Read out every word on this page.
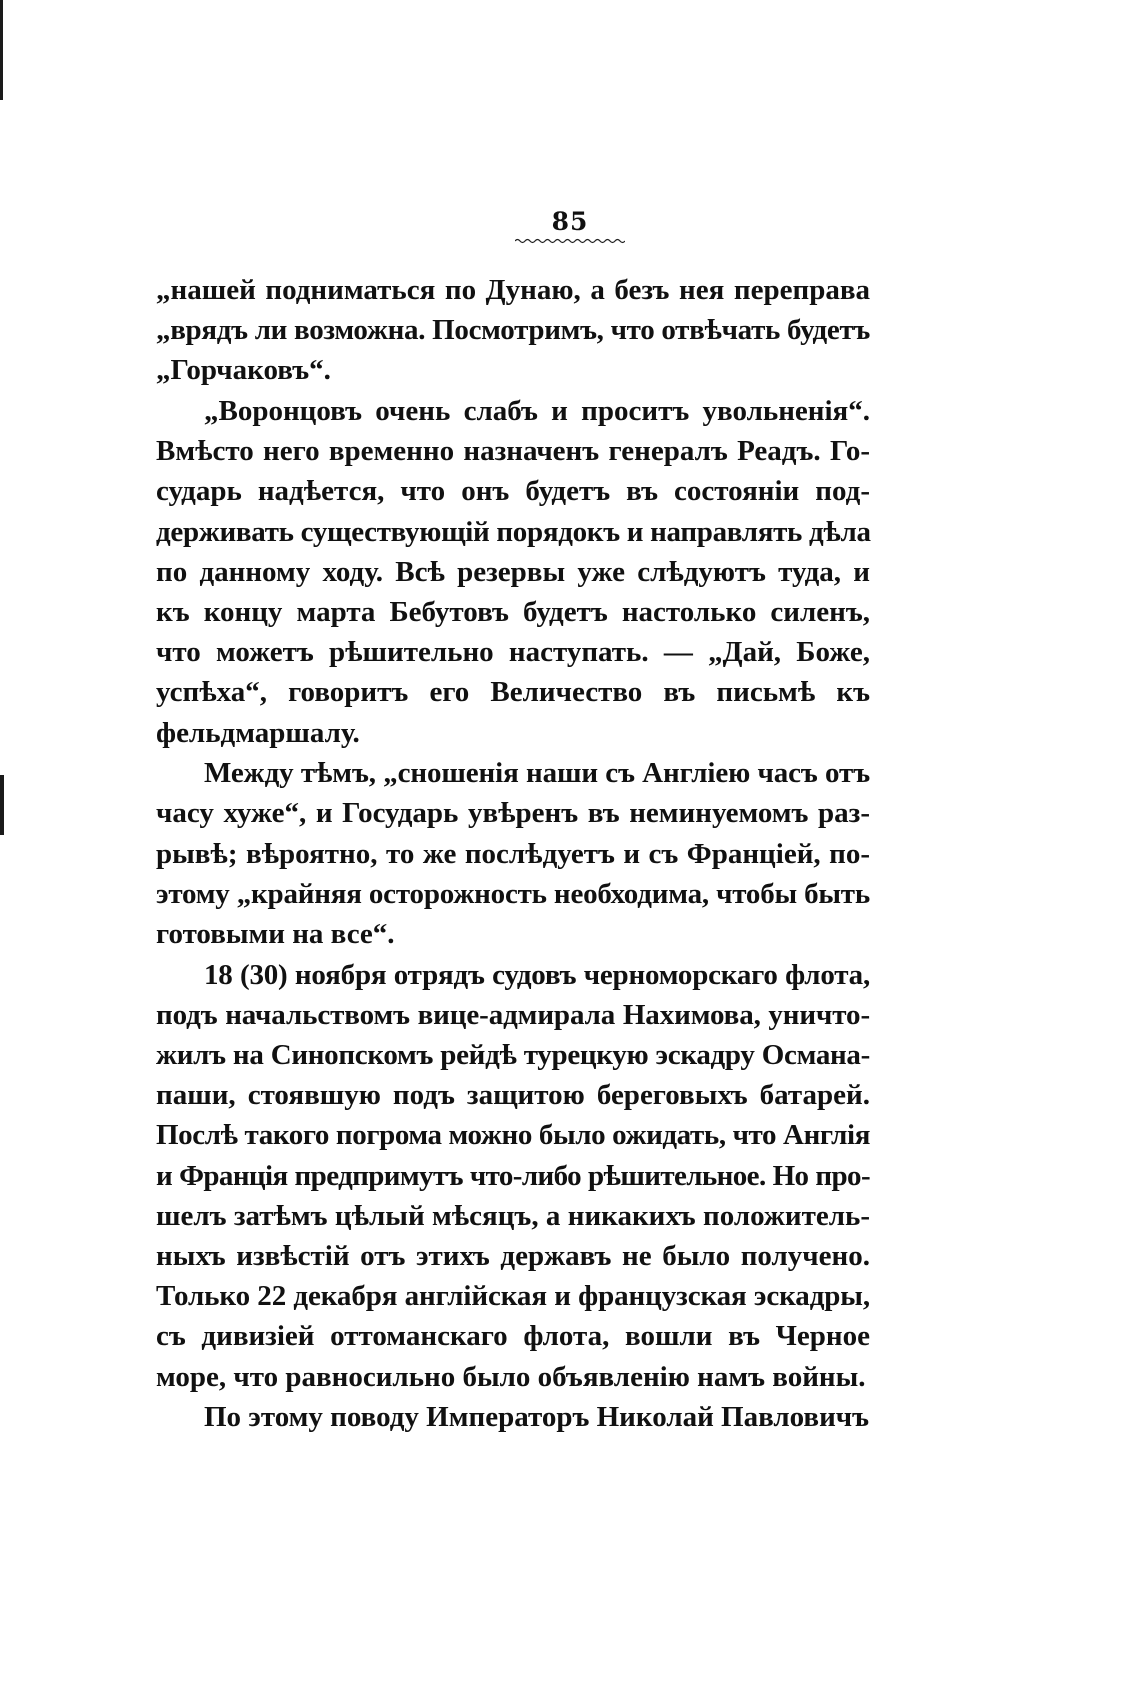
85
„нашей подниматься по Дунаю, а безъ нея переправа
„врядъ ли возможна. Посмотримъ, что отвѣчать будетъ
„Горчаковъ“.
„Воронцовъ очень слабъ и проситъ увольненія“.
Вмѣсто него временно назначенъ генералъ Реадъ. Го-
сударь надѣется, что онъ будетъ въ состояніи под-
держивать существующій порядокъ и направлять дѣла
по данному ходу. Всѣ резервы уже слѣдуютъ туда, и
къ концу марта Бебутовъ будетъ настолько силенъ,
что можетъ рѣшительно наступать. — „Дай, Боже,
успѣха“, говоритъ его Величество въ письмѣ къ
фельдмаршалу.
Между тѣмъ, „сношенія наши съ Англіею часъ отъ
часу хуже“, и Государь увѣренъ въ неминуемомъ раз-
рывѣ; вѣроятно, то же послѣдуетъ и съ Франціей, по-
этому „крайняя осторожность необходима, чтобы быть
готовыми на все“.
18 (30) ноября отрядъ судовъ черноморскаго флота,
подъ начальствомъ вице-адмирала Нахимова, уничто-
жилъ на Синопскомъ рейдѣ турецкую эскадру Османа-
паши, стоявшую подъ защитою береговыхъ батарей.
Послѣ такого погрома можно было ожидать, что Англія
и Франція предпримутъ что-либо рѣшительное. Но про-
шелъ затѣмъ цѣлый мѣсяцъ, а никакихъ положитель-
ныхъ извѣстій отъ этихъ державъ не было получено.
Только 22 декабря англійская и французская эскадры,
съ дивизіей оттоманскаго флота, вошли въ Черное
море, что равносильно было объявленію намъ войны.
По этому поводу Императоръ Николай Павловичъ
